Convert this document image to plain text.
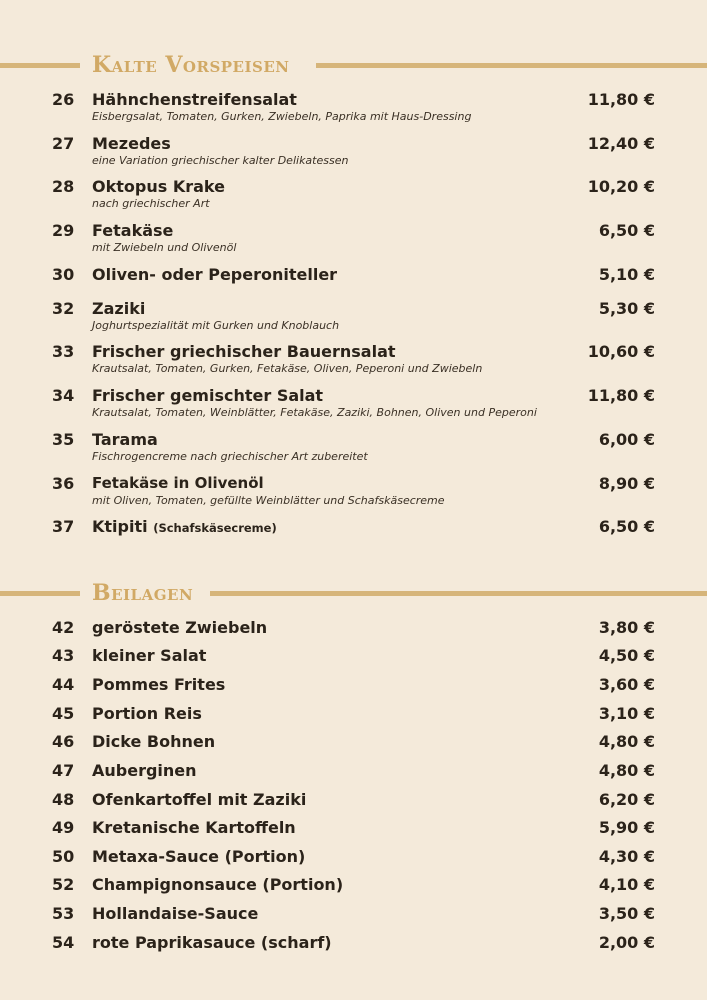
Kalte Vorspeisen
26	Hähnchenstreifensalat
Eisbergsalat, Tomaten, Gurken, Zwiebeln, Paprika mit Haus-Dressing
11,80 €
27	Mezedes
eine Variation griechischer kalter Delikatessen
12,40 €
28	Oktopus Krake
nach griechischer Art
10,20 €
29	Fetakäse
mit Zwiebeln und Olivenöl
6,50 €
30	Oliven- oder Peperoniteller	5,10 €
32	Zaziki
Joghurtspezialität mit Gurken und Knoblauch
5,30 €
33	Frischer griechischer Bauernsalat
Krautsalat, Tomaten, Gurken, Fetakäse, Oliven, Peperoni und Zwiebeln
10,60 €
34	Frischer gemischter Salat
Krautsalat, Tomaten, Weinblätter, Fetakäse, Zaziki, Bohnen, Oliven und Peperoni
11,80 €
35	Tarama
Fischrogencreme nach griechischer Art zubereitet
6,00 €
36	Fetakäse in Olivenöl
mit Oliven, Tomaten, gefüllte Weinblätter und Schafskäsecreme
8,90 €
37	Ktipiti (Schafskäsecreme)	6,50 €
Beilagen
42	geröstete Zwiebeln	3,80 €
43	kleiner Salat	4,50 €
44	Pommes Frites	3,60 €
45	Portion Reis	3,10 €
46	Dicke Bohnen	4,80 €
47	Auberginen	4,80 €
48	Ofenkartoffel mit Zaziki	6,20 €
49	Kretanische Kartoffeln	5,90 €
50	Metaxa-Sauce (Portion)	4,30 €
52	Champignonsauce (Portion)	4,10 €
53	Hollandaise-Sauce	3,50 €
54	rote Paprikasauce (scharf)	2,00 €
